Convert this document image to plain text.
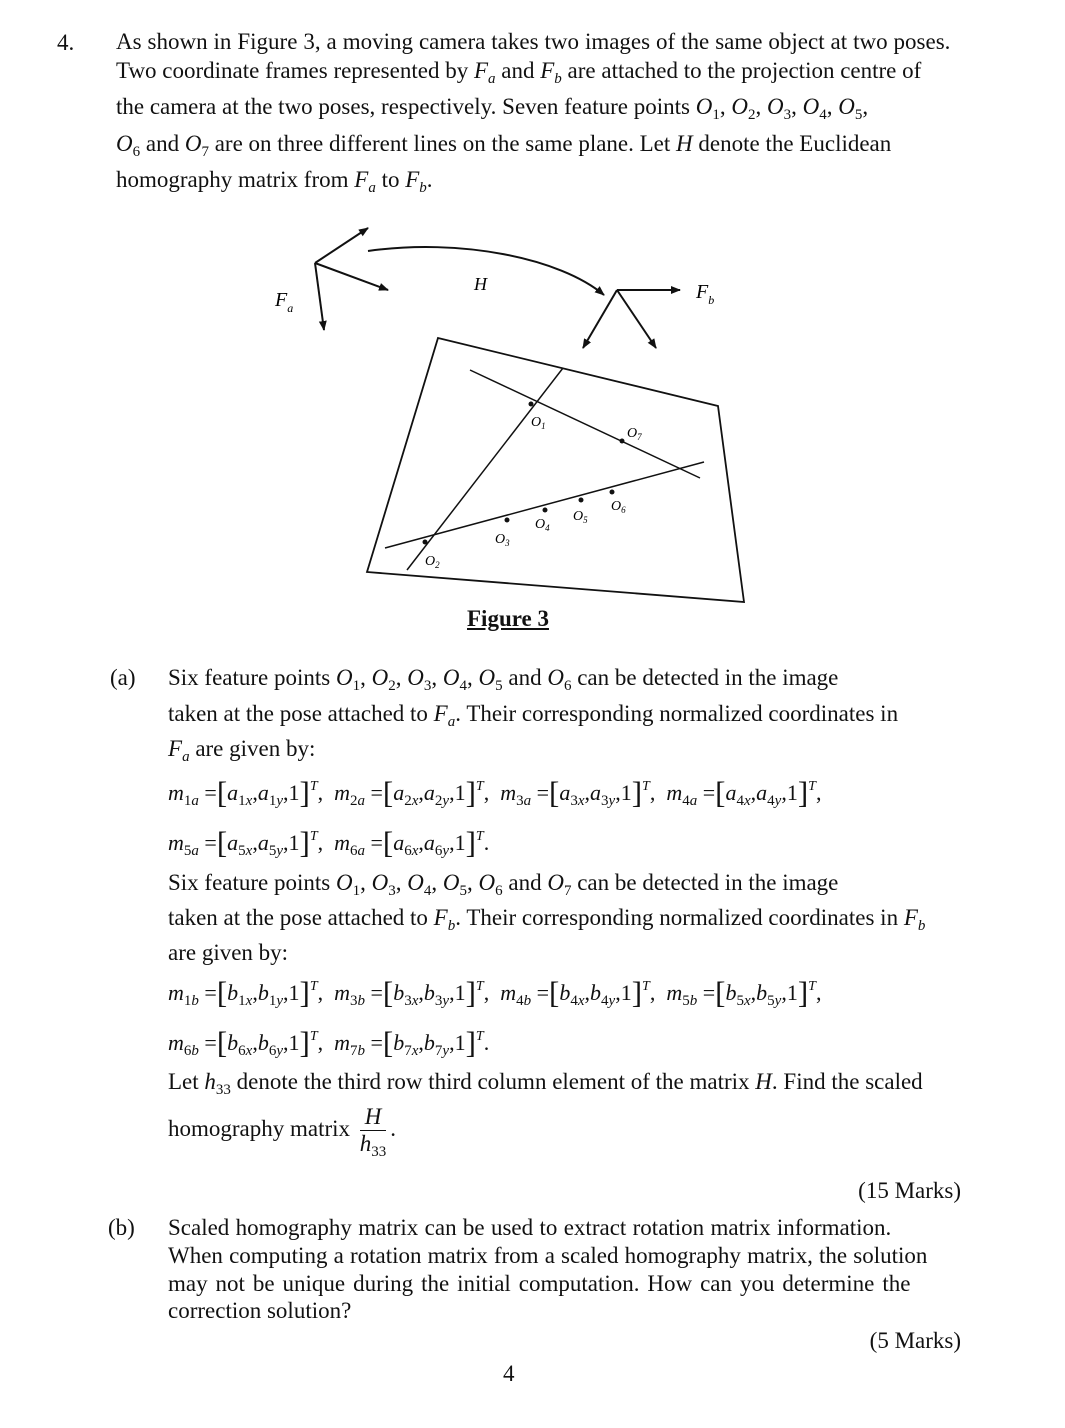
4. As shown in Figure 3, a moving camera takes two images of the same object at two poses.
Two coordinate frames represented by $F_a$ and $F_b$ are attached to the projection centre of
the camera at the two poses, respectively. Seven feature points $O_1$, $O_2$, $O_3$, $O_4$, $O_5$,
$O_6$ and $O_7$ are on three different lines on the same plane. Let H denote the Euclidean
homography matrix from $F_a$ to $F_b$.
$F_a$
H	$F_b$
$O_1$	$O_7$
$O_6$
$O_5$
$O_4$
$O_3$
$O_2$
Figure 3
(a) Six feature points $O_1$, $O_2$, $O_3$, $O_4$, $O_5$ and $O_6$ can be detected in the image
taken at the pose attached to $F_a$. Their corresponding normalized coordinates in
$F_a$ are given by:
$m_{1a} =[a_{1x},a_{1y},1]^T$,  $m_{2a} =[a_{2x},a_{2y},1]^T$,  $m_{3a} =[a_{3x},a_{3y},1]^T$,  $m_{4a} =[a_{4x},a_{4y},1]^T$,
$m_{5a} =[a_{5x},a_{5y},1]^T$,  $m_{6a} =[a_{6x},a_{6y},1]^T$.
Six feature points $O_1$, $O_3$, $O_4$, $O_5$, $O_6$ and $O_7$ can be detected in the image
taken at the pose attached to $F_b$. Their corresponding normalized coordinates in $F_b$
are given by:
$m_{1b} =[b_{1x},b_{1y},1]^T$,  $m_{3b} =[b_{3x},b_{3y},1]^T$,  $m_{4b} =[b_{4x},b_{4y},1]^T$,  $m_{5b} =[b_{5x},b_{5y},1]^T$,
$m_{6b} =[b_{6x},b_{6y},1]^T$,  $m_{7b} =[b_{7x},b_{7y},1]^T$.
Let $h_{33}$ denote the third row third column element of the matrix H. Find the scaled
homography matrix $\frac{H}{h_{33}}$ .
(15 Marks)
(b) Scaled homography matrix can be used to extract rotation matrix information.
When computing a rotation matrix from a scaled homography matrix, the solution
may not be unique during the initial computation. How can you determine the
correction solution?
(5 Marks)
4
